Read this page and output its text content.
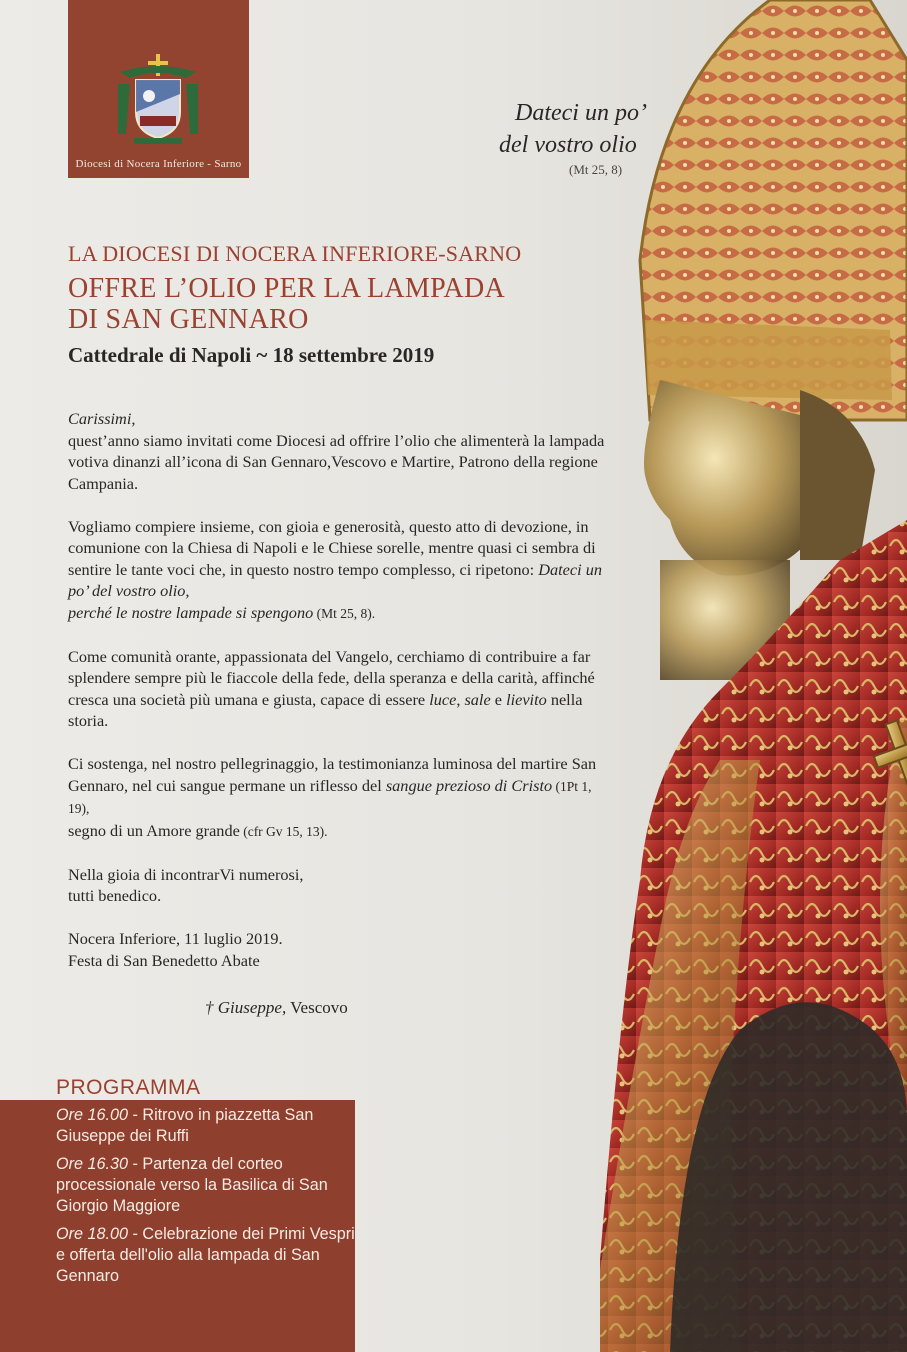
Diocesi di Nocera Inferiore - Sarno
Dateci un po’
del vostro olio
(Mt 25, 8)
LA DIOCESI DI NOCERA INFERIORE-SARNO
OFFRE L’OLIO PER LA LAMPADA
DI SAN GENNARO
Cattedrale di Napoli ~ 18 settembre 2019

Carissimi,

quest’anno siamo invitati come Diocesi ad offrire l’olio che alimenterà la lampada votiva dinanzi all’icona di San Gennaro,Vescovo e Martire, Patrono della regione Campania.

Vogliamo compiere insieme, con gioia e generosità, questo atto di devozione, in comunione con la Chiesa di Napoli e le Chiese sorelle, mentre quasi ci sembra di sentire le tante voci che, in questo nostro tempo complesso, ci ripetono: Dateci un po’ del vostro olio,
perché le nostre lampade si spengono (Mt 25, 8).

Come comunità orante, appassionata del Vangelo, cerchiamo di contribuire a far splendere sempre più le fiaccole della fede, della speranza e della carità, affinché cresca una società più umana e giusta, capace di essere luce, sale e lievito nella storia.

Ci sostenga, nel nostro pellegrinaggio, la testimonianza luminosa del martire San Gennaro, nel cui sangue permane un riflesso del sangue prezioso di Cristo (1Pt 1, 19),
segno di un Amore grande (cfr Gv 15, 13).

Nella gioia di incontrarVi numerosi,
tutti benedico.

Nocera Inferiore, 11 luglio 2019.
Festa di San Benedetto Abate

† Giuseppe, Vescovo
PROGRAMMA
Ore 16.00 - Ritrovo in piazzetta San Giuseppe dei Ruffi
Ore 16.30 - Partenza del corteo processionale verso la Basilica di San Giorgio Maggiore
Ore 18.00 - Celebrazione dei Primi Vespri e offerta dell'olio alla lampada di San Gennaro
